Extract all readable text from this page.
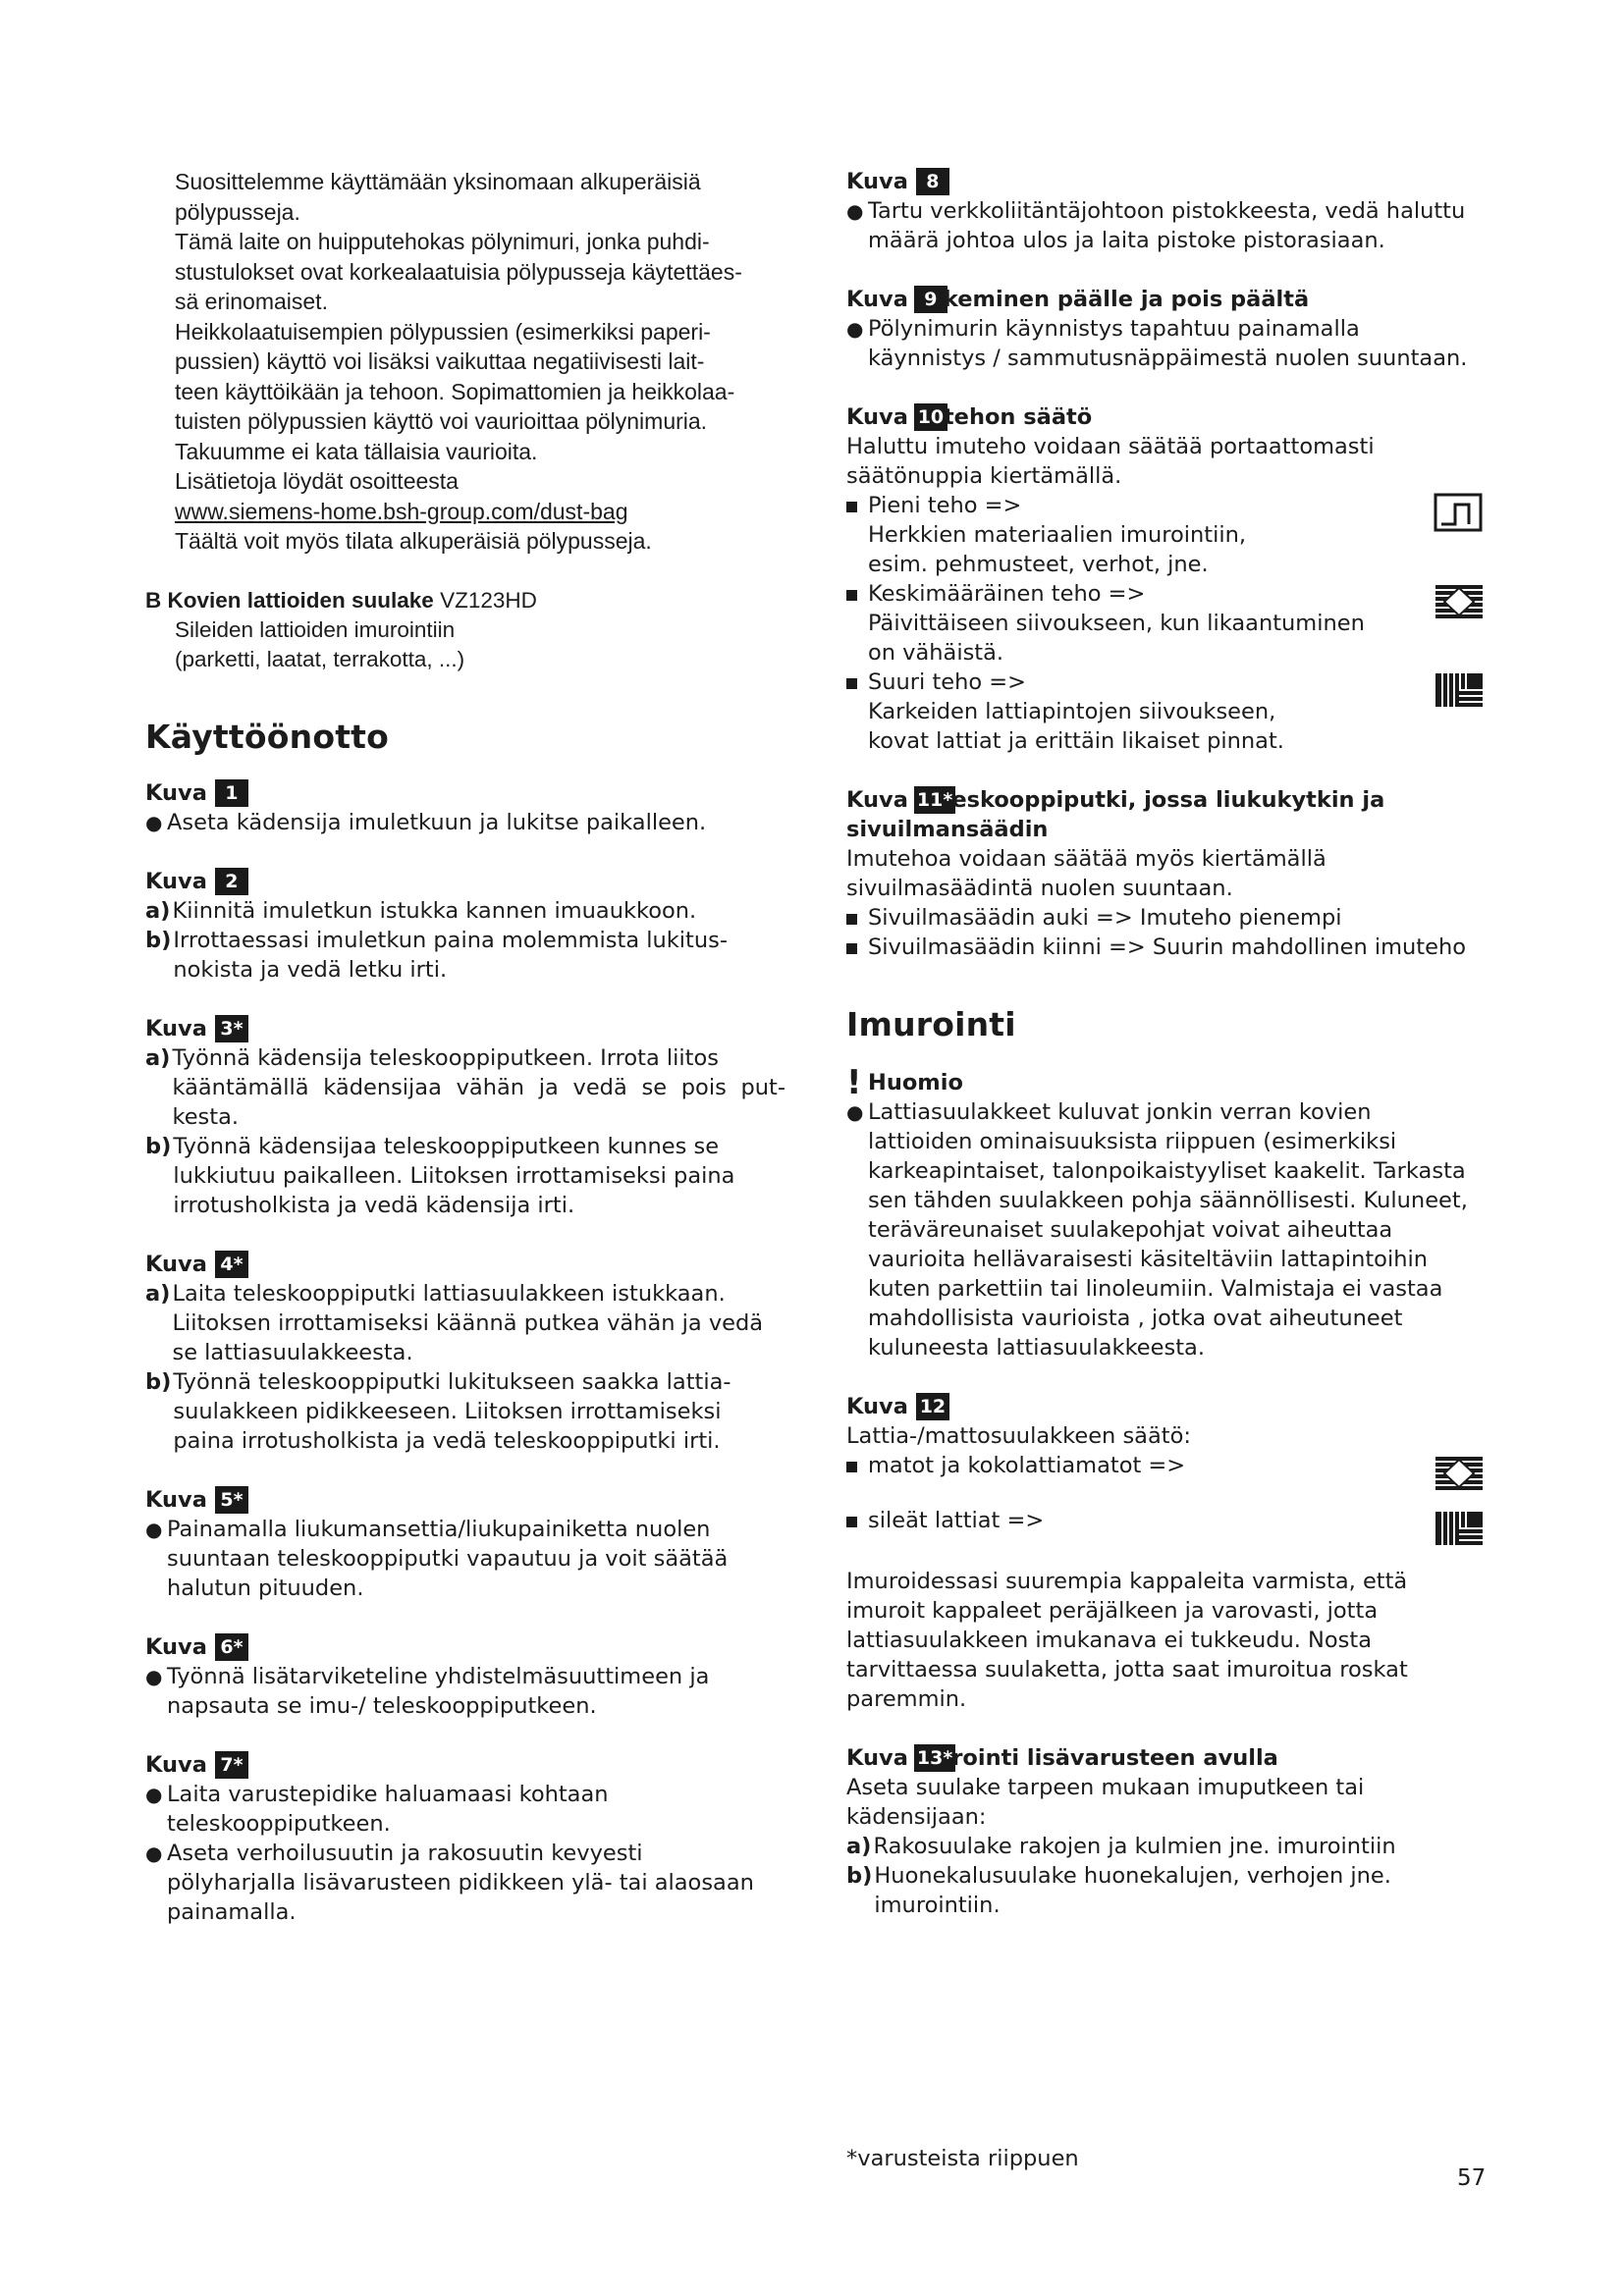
Suosittelemme käyttämään yksinomaan alkuperäisiä
pölypusseja.
Tämä laite on huipputehokas pölynimuri, jonka puhdi-
stustulokset ovat korkealaatuisia pölypusseja käytettäes-
sä erinomaiset.
Heikkolaatuisempien pölypussien (esimerkiksi paperi-
pussien) käyttö voi lisäksi vaikuttaa negatiivisesti lait-
teen käyttöikään ja tehoon. Sopimattomien ja heikkolaa-
tuisten pölypussien käyttö voi vaurioittaa pölynimuria.
Takuumme ei kata tällaisia vaurioita.
Lisätietoja löydät osoitteesta
www.siemens-home.bsh-group.com/dust-bag
Täältä voit myös tilata alkuperäisiä pölypusseja.
B Kovien lattioiden suulake VZ123HD
Sileiden lattioiden imurointiin
(parketti, laatat, terrakotta, ...)
Käyttöönotto
Kuva 1
● Aseta kädensija imuletkuun ja lukitse paikalleen.
Kuva 2
a) Kiinnitä imuletkun istukka kannen imuaukkoon.
b) Irrottaessasi imuletkun paina molemmista lukitus-
nokista ja vedä letku irti.
Kuva 3*
a) Työnnä kädensija teleskooppiputkeen. Irrota liitos
kääntämällä kädensijaa vähän ja vedä se pois put-kesta.
b) Työnnä kädensijaa teleskooppiputkeen kunnes se
lukkiutuu paikalleen. Liitoksen irrottamiseksi paina
irrotusholkista ja vedä kädensija irti.
Kuva 4*
a) Laita teleskooppiputki lattiasuulakkeen istukkaan.
Liitoksen irrottamiseksi käännä putkea vähän ja vedä
se lattiasuulakkeesta.
b) Työnnä teleskooppiputki lukitukseen saakka lattia-
suulakkeen pidikkeeseen. Liitoksen irrottamiseksi
paina irrotusholkista ja vedä teleskooppiputki irti.
Kuva 5*
● Painamalla liukumansettia/liukupainiketta nuolen
suuntaan teleskooppiputki vapautuu ja voit säätää
halutun pituuden.
Kuva 6*
● Työnnä lisätarviketeline yhdistelmäsuuttimeen ja
napsauta se imu-/ teleskooppiputkeen.
Kuva 7*
● Laita varustepidike haluamaasi kohtaan
teleskooppiputkeen.
● Aseta verhoilusuutin ja rakosuutin kevyesti
pölyharjalla lisävarusteen pidikkeen ylä- tai alaosaan
painamalla.
Kuva 8
● Tartu verkkoliitäntäjohtoon pistokkeesta, vedä haluttu
määrä johtoa ulos ja laita pistoke pistorasiaan.
Kuva 9 keminen päälle ja pois päältä
● Pölynimurin käynnistys tapahtuu painamalla
käynnistys / sammutusnäppäimestä nuolen suuntaan.
Kuva 10 tehon säätö
Haluttu imuteho voidaan säätää portaattomasti
säätönuppia kiertämällä.
Pieni teho =>
Herkkien materiaalien imurointiin,
esim. pehmusteet, verhot, jne.
Keskimääräinen teho =>
Päivittäiseen siivoukseen, kun likaantuminen
on vähäistä.
Suuri teho =>
Karkeiden lattiapintojen siivoukseen,
kovat lattiat ja erittäin likaiset pinnat.
Kuva 11* eskooppiputki, jossa liukukytkin ja
sivuilmansäädin
Imutehoa voidaan säätää myös kiertämällä
sivuilmasäädintä nuolen suuntaan.
Sivuilmasäädin auki => Imuteho pienempi
Sivuilmasäädin kiinni => Suurin mahdollinen imuteho
Imurointi
! Huomio
● Lattiasuulakkeet kuluvat jonkin verran kovien
lattioiden ominaisuuksista riippuen (esimerkiksi
karkeapintaiset, talonpoikaistyyliset kaakelit. Tarkasta
sen tähden suulakkeen pohja säännöllisesti. Kuluneet,
teräväreunaiset suulakepohjat voivat aiheuttaa
vaurioita hellävaraisesti käsiteltäviin lattapintoihin
kuten parkettiin tai linoleumiin. Valmistaja ei vastaa
mahdollisista vaurioista , jotka ovat aiheutuneet
kuluneesta lattiasuulakkeesta.
Kuva 12
Lattia-/mattosuulakkeen säätö:
matot ja kokolattiamatot =>
sileät lattiat =>
Imuroidessasi suurempia kappaleita varmista, että
imuroit kappaleet peräjälkeen ja varovasti, jotta
lattiasuulakkeen imukanava ei tukkeudu. Nosta
tarvittaessa suulaketta, jotta saat imuroitua roskat
paremmin.
Kuva 13* rointi lisävarusteen avulla
Aseta suulake tarpeen mukaan imuputkeen tai
kädensijaan:
a) Rakosuulake rakojen ja kulmien jne. imurointiin
b) Huonekalusuulake huonekalujen, verhojen jne.
imurointiin.
*varusteista riippuen
57
